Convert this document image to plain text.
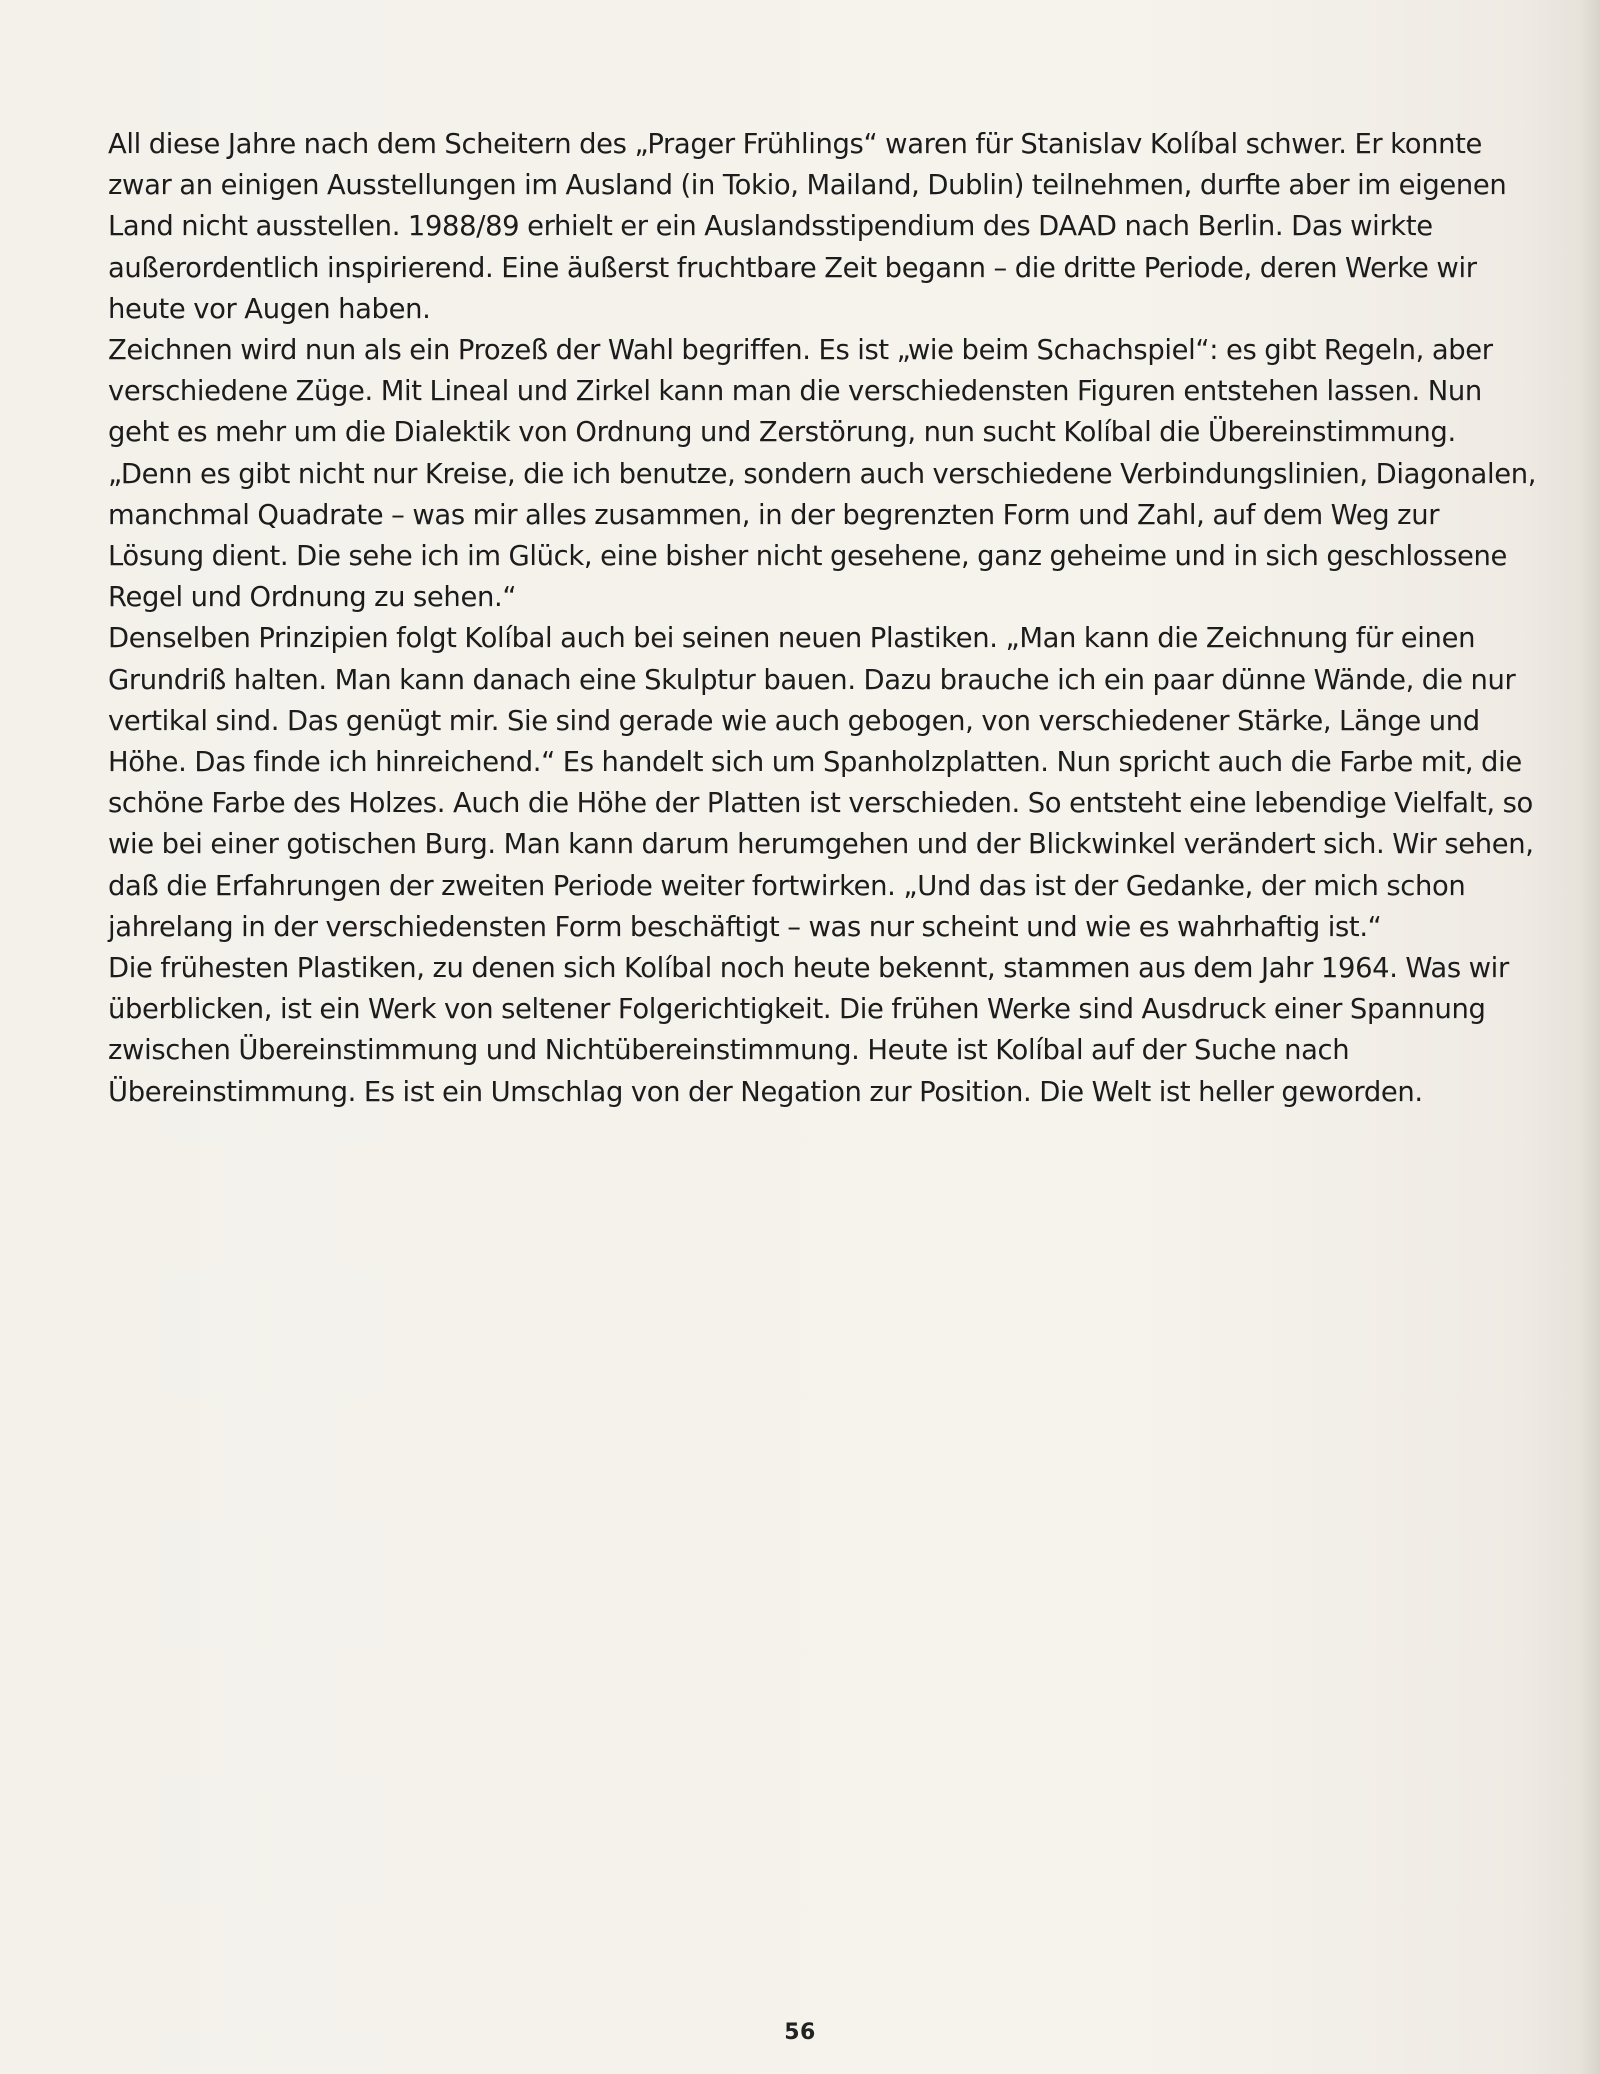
All diese Jahre nach dem Scheitern des „Prager Frühlings“ waren für Stanislav Kolíbal schwer. Er konnte zwar an einigen Ausstellungen im Ausland (in Tokio, Mailand, Dublin) teilnehmen, durfte aber im eigenen Land nicht ausstellen. 1988/89 erhielt er ein Auslandsstipendium des DAAD nach Berlin. Das wirkte außerordentlich inspirierend. Eine äußerst fruchtbare Zeit begann – die dritte Periode, deren Werke wir heute vor Augen haben.

Zeichnen wird nun als ein Prozeß der Wahl begriffen. Es ist „wie beim Schachspiel“: es gibt Regeln, aber verschiedene Züge. Mit Lineal und Zirkel kann man die verschiedensten Figuren entstehen lassen. Nun geht es mehr um die Dialektik von Ordnung und Zerstörung, nun sucht Kolíbal die Übereinstimmung. „Denn es gibt nicht nur Kreise, die ich benutze, sondern auch verschiedene Verbindungslinien, Diagonalen, manchmal Quadrate – was mir alles zusammen, in der begrenzten Form und Zahl, auf dem Weg zur Lösung dient. Die sehe ich im Glück, eine bisher nicht gesehene, ganz geheime und in sich geschlossene Regel und Ordnung zu sehen.“

Denselben Prinzipien folgt Kolíbal auch bei seinen neuen Plastiken. „Man kann die Zeichnung für einen Grundriß halten. Man kann danach eine Skulptur bauen. Dazu brauche ich ein paar dünne Wände, die nur vertikal sind. Das genügt mir. Sie sind gerade wie auch gebogen, von verschiedener Stärke, Länge und Höhe. Das finde ich hinreichend.“ Es handelt sich um Spanholzplatten. Nun spricht auch die Farbe mit, die schöne Farbe des Holzes. Auch die Höhe der Platten ist verschieden. So entsteht eine lebendige Vielfalt, so wie bei einer gotischen Burg. Man kann darum herumgehen und der Blickwinkel verändert sich. Wir sehen, daß die Erfahrungen der zweiten Periode weiter fortwirken. „Und das ist der Gedanke, der mich schon jahrelang in der verschiedensten Form beschäftigt – was nur scheint und wie es wahrhaftig ist.“

Die frühesten Plastiken, zu denen sich Kolíbal noch heute bekennt, stammen aus dem Jahr 1964. Was wir überblicken, ist ein Werk von seltener Folgerichtigkeit. Die frühen Werke sind Ausdruck einer Spannung zwischen Übereinstimmung und Nichtübereinstimmung. Heute ist Kolíbal auf der Suche nach Übereinstimmung. Es ist ein Umschlag von der Negation zur Position. Die Welt ist heller geworden.

56
